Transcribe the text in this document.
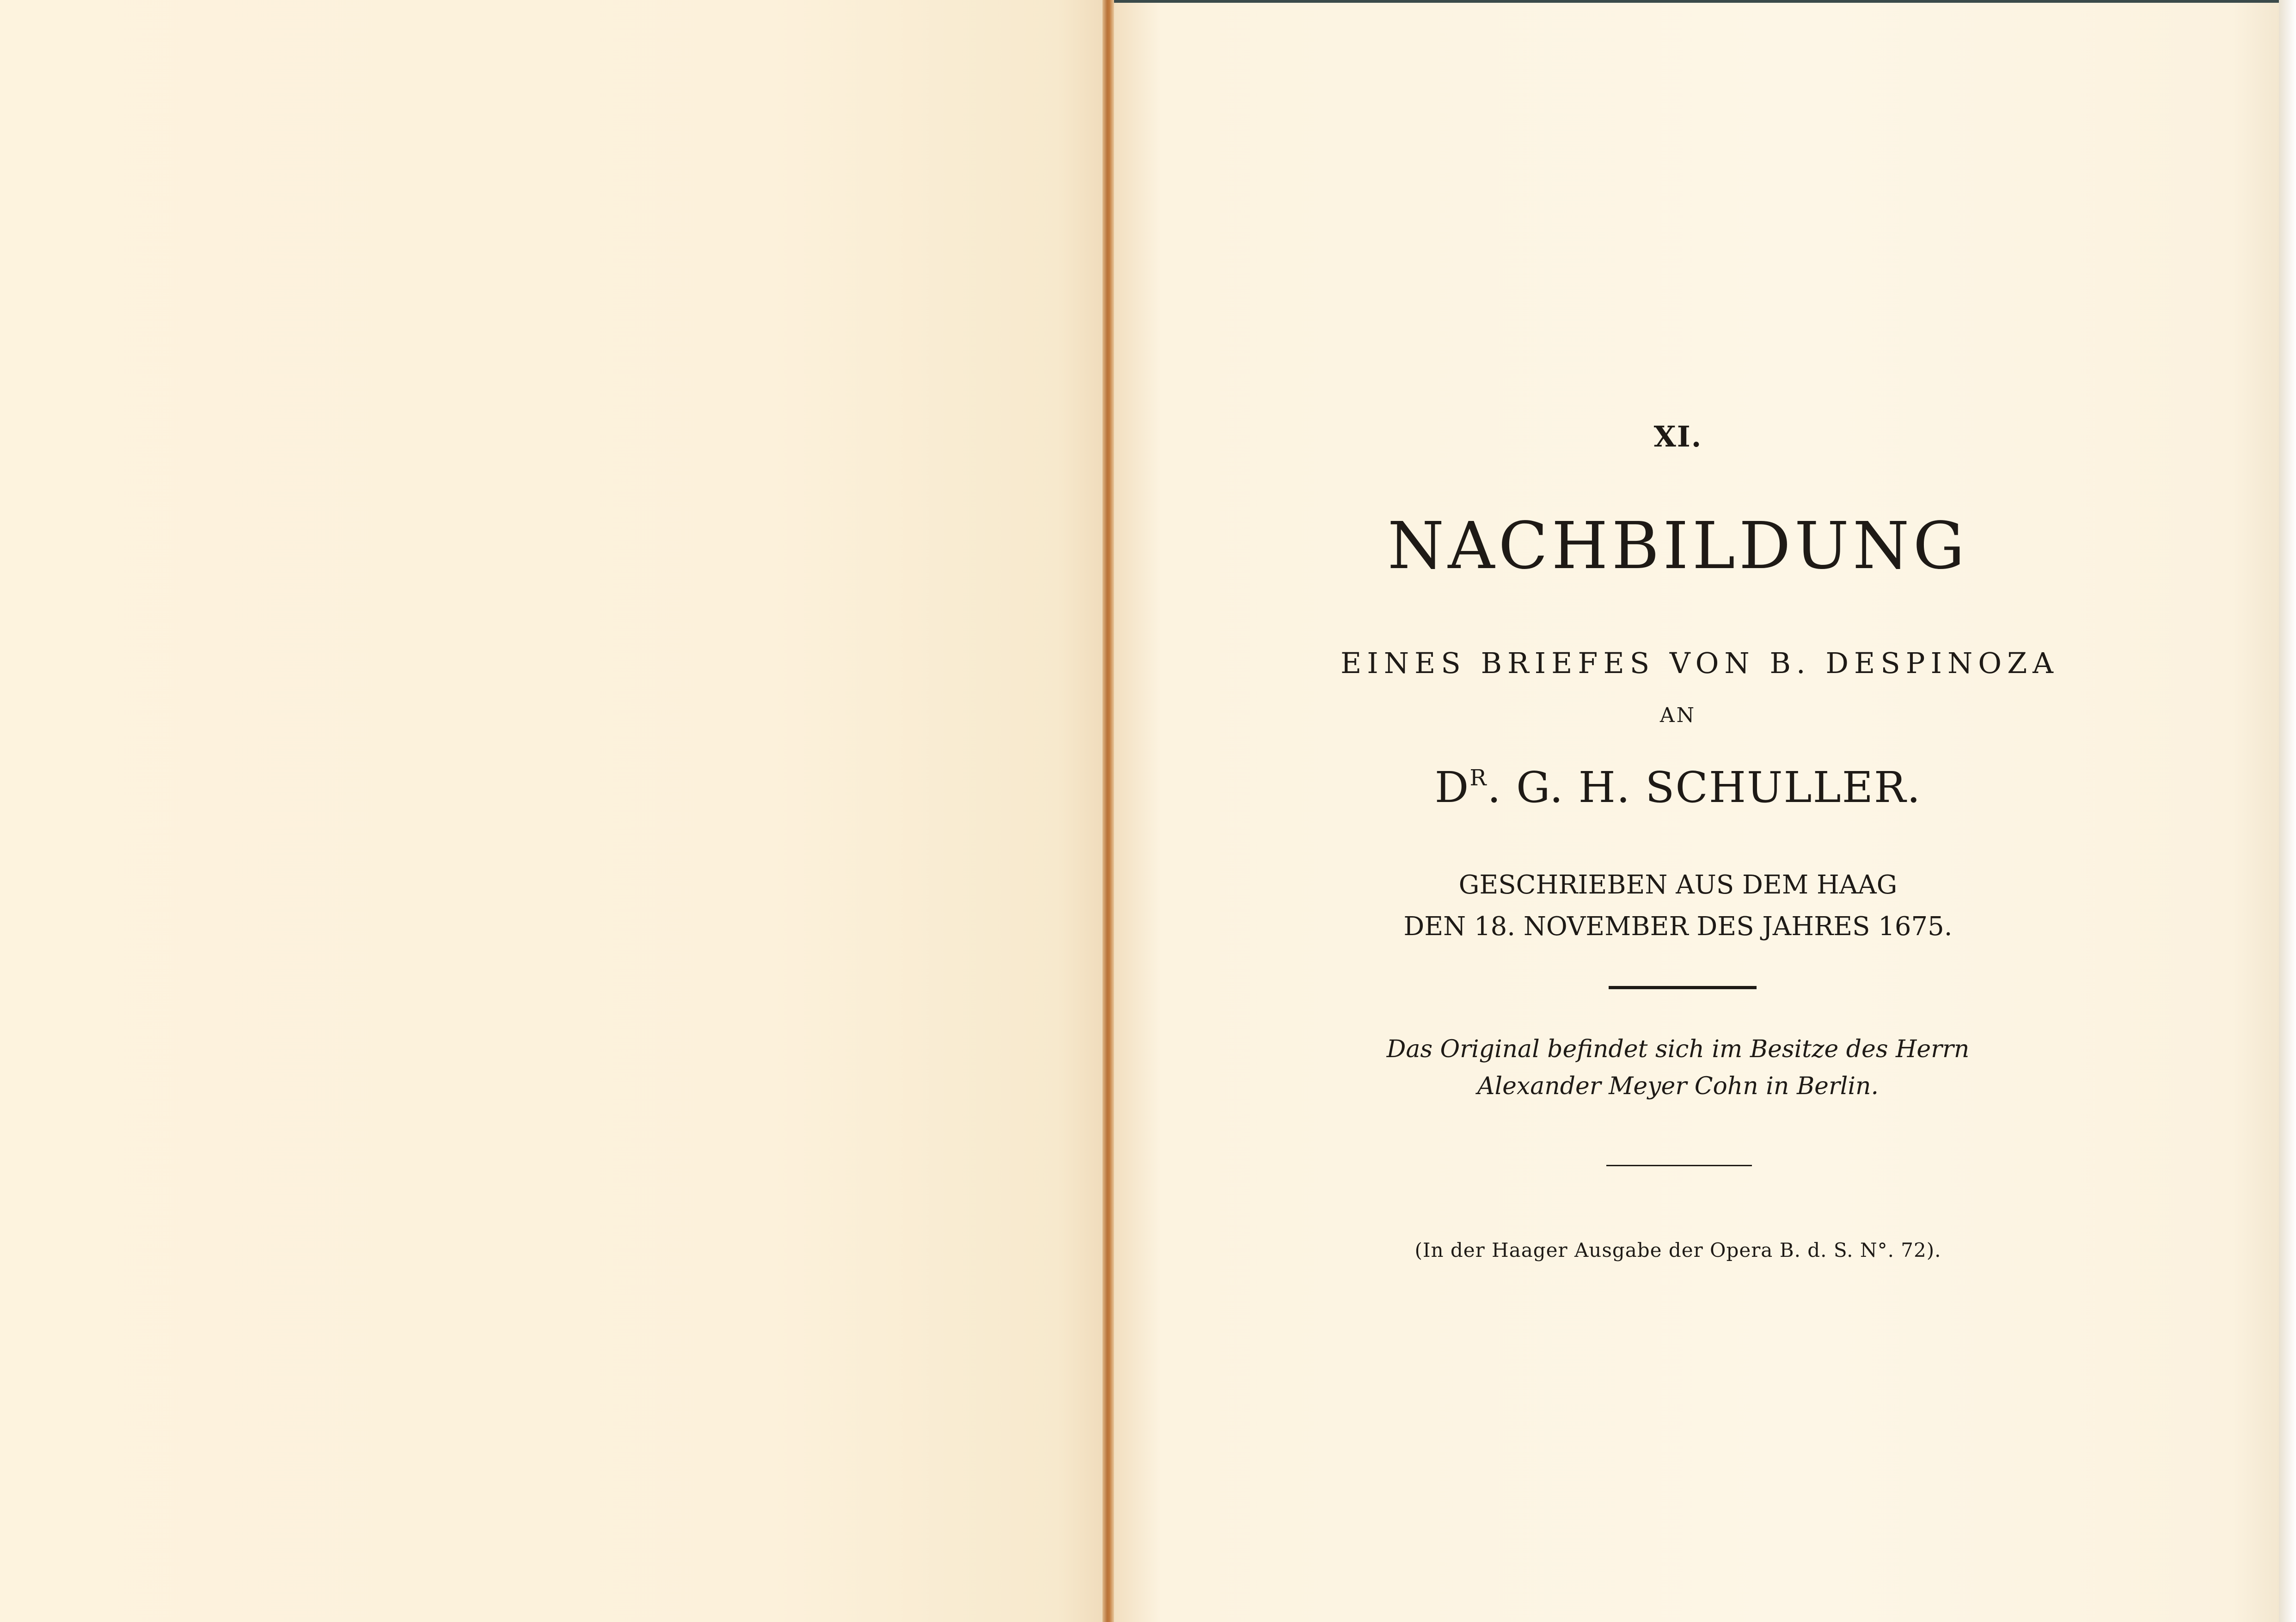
XI.
NACHBILDUNG
EINES BRIEFES VON B. DESPINOZA
AN
$D^R$. G. H. SCHULLER.
GESCHRIEBEN AUS DEM HAAG
DEN 18. NOVEMBER DES JAHRES 1675.
Das Original befindet sich im Besitze des Herrn
Alexander Meyer Cohn in Berlin.
(In der Haager Ausgabe der Opera B. d. S. N°. 72).
